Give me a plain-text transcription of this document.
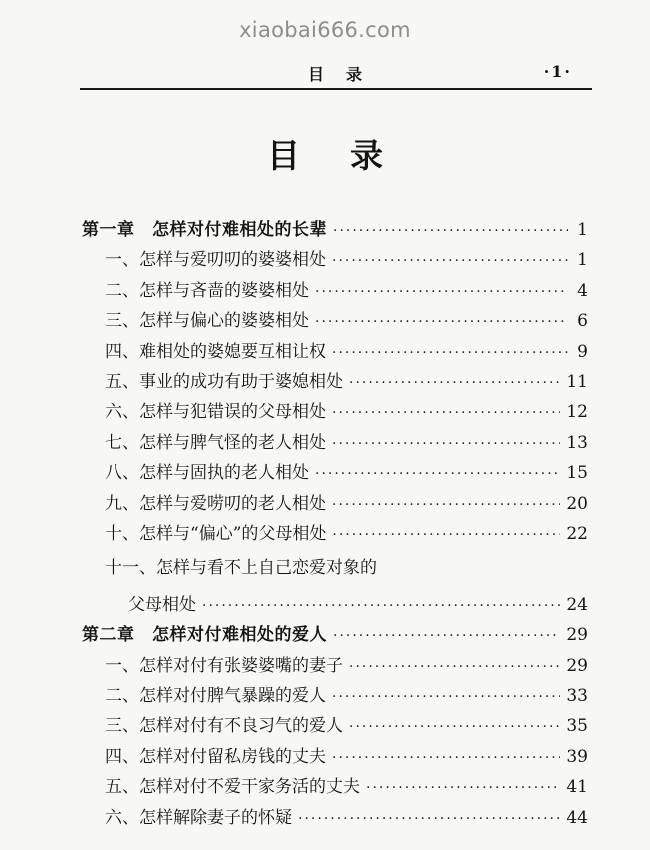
xiaobai666.com
目录	·1·
目录
第一章　怎样对付难相处的长辈 ·····	1
一、怎样与爱叨叨的婆婆相处 ·····	1
二、怎样与吝啬的婆婆相处 ·····	4
三、怎样与偏心的婆婆相处 ·····	6
四、难相处的婆媳要互相让权 ·····	9
五、事业的成功有助于婆媳相处 ·····	11
六、怎样与犯错误的父母相处 ·····	12
七、怎样与脾气怪的老人相处 ·····	13
八、怎样与固执的老人相处 ·····	15
九、怎样与爱唠叨的老人相处 ·····	20
十、怎样与“偏心”的父母相处 ·····	22
十一、怎样与看不上自己恋爱对象的
父母相处 ·····	24
第二章　怎样对付难相处的爱人 ·····	29
一、怎样对付有张婆婆嘴的妻子 ·····	29
二、怎样对付脾气暴躁的爱人 ·····	33
三、怎样对付有不良习气的爱人 ·····	35
四、怎样对付留私房钱的丈夫 ·····	39
五、怎样对付不爱干家务活的丈夫 ·····	41
六、怎样解除妻子的怀疑 ·····	44
